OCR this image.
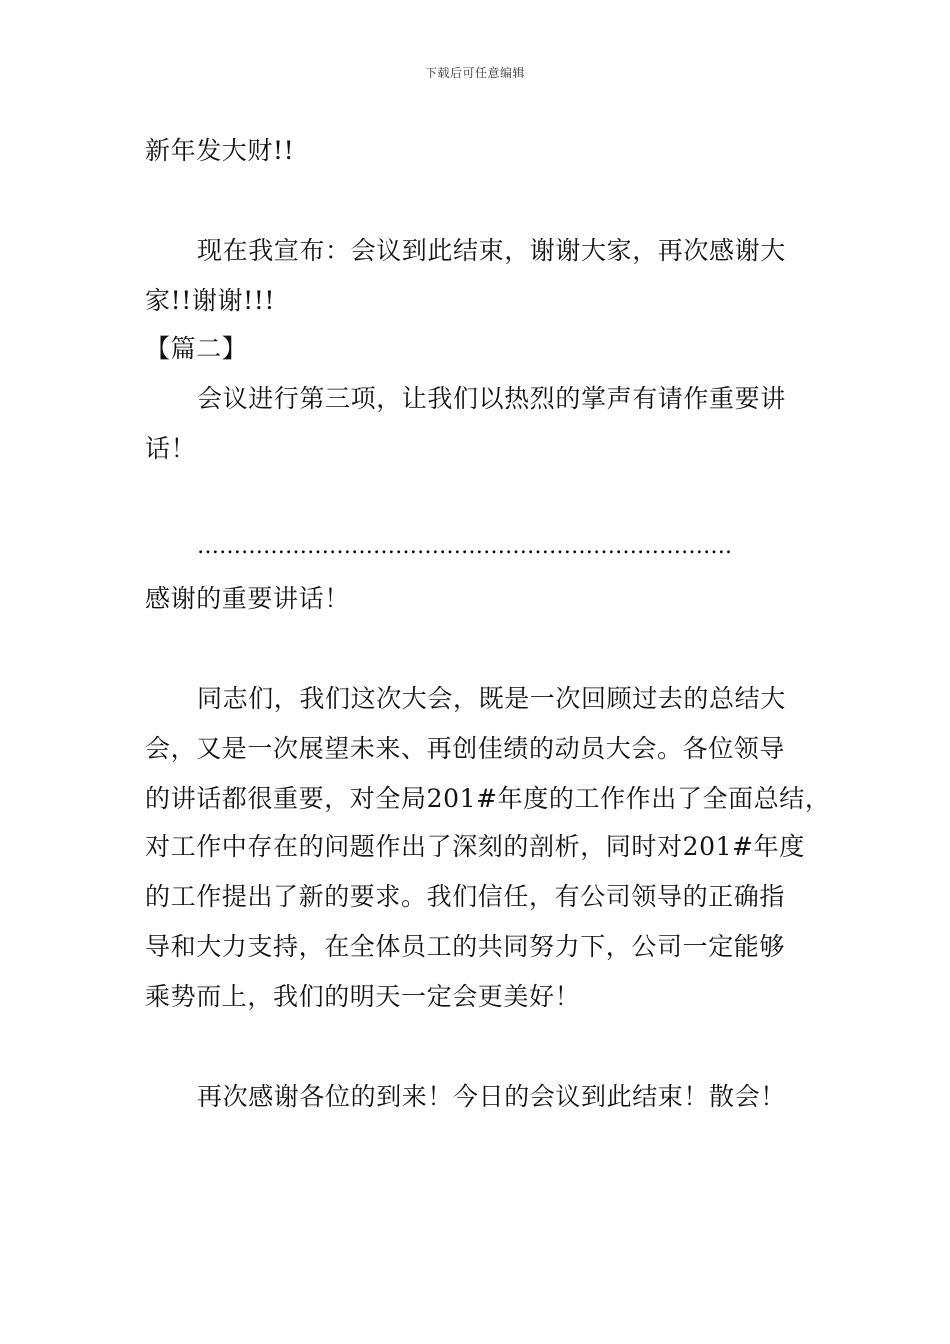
下载后可任意编辑
新年发大财!!
现在我宣布：会议到此结束，谢谢大家，再次感谢大
家!!谢谢!!!
【篇二】
会议进行第三项，让我们以热烈的掌声有请作重要讲
话！
……………………………………………………………….
感谢的重要讲话！
同志们，我们这次大会，既是一次回顾过去的总结大
会，又是一次展望未来、再创佳绩的动员大会。各位领导
的讲话都很重要，对全局201#年度的工作作出了全面总结，
对工作中存在的问题作出了深刻的剖析，同时对201#年度
的工作提出了新的要求。我们信任，有公司领导的正确指
导和大力支持，在全体员工的共同努力下，公司一定能够
乘势而上，我们的明天一定会更美好！
再次感谢各位的到来！今日的会议到此结束！散会！
